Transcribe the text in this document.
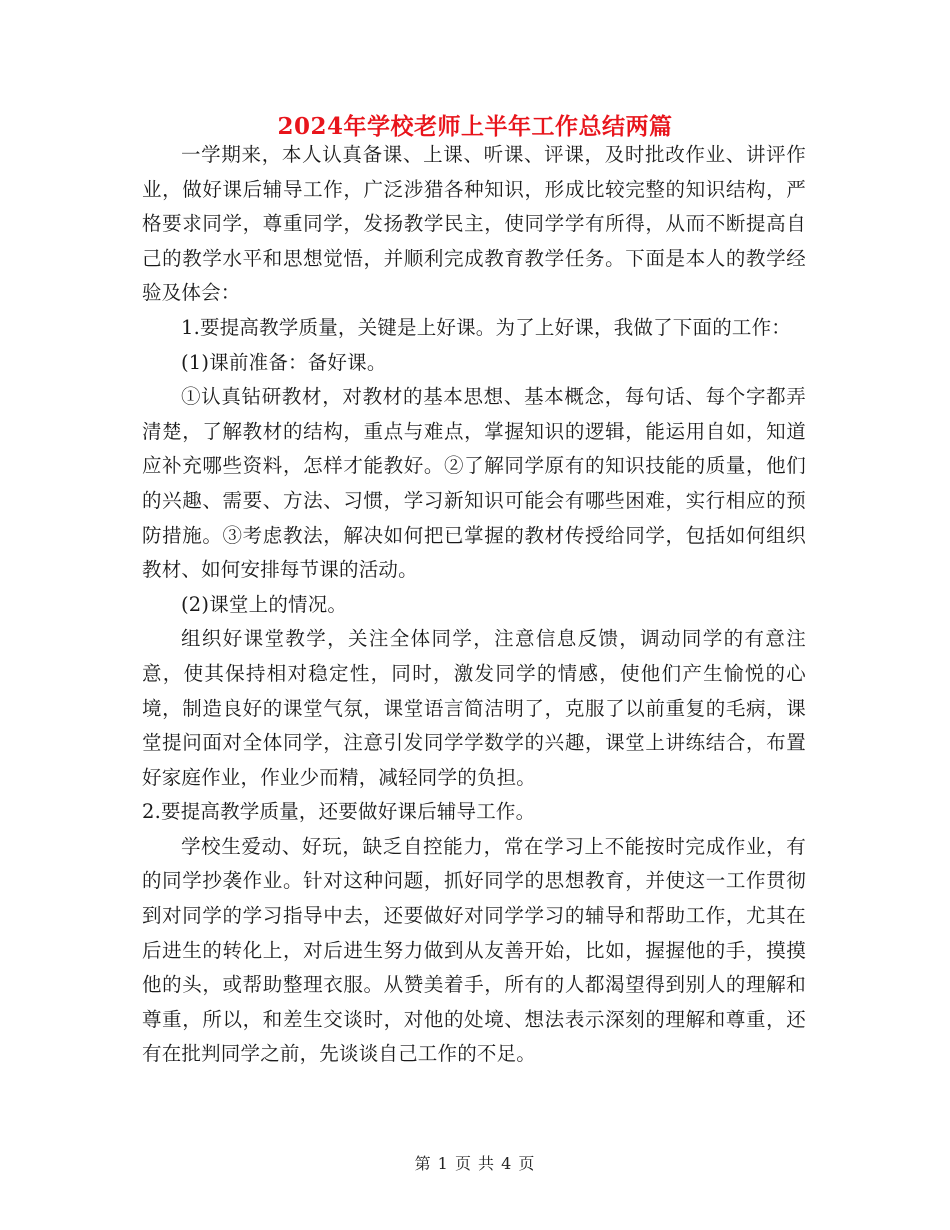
2024年学校老师上半年工作总结两篇

一学期来，本人认真备课、上课、听课、评课，及时批改作业、讲评作业，做好课后辅导工作，广泛涉猎各种知识，形成比较完整的知识结构，严格要求同学，尊重同学，发扬教学民主，使同学学有所得，从而不断提高自己的教学水平和思想觉悟，并顺利完成教育教学任务。下面是本人的教学经验及体会：

1.要提高教学质量，关键是上好课。为了上好课，我做了下面的工作：

(1)课前准备：备好课。

①认真钻研教材，对教材的基本思想、基本概念，每句话、每个字都弄清楚，了解教材的结构，重点与难点，掌握知识的逻辑，能运用自如，知道应补充哪些资料，怎样才能教好。②了解同学原有的知识技能的质量，他们的兴趣、需要、方法、习惯，学习新知识可能会有哪些困难，实行相应的预防措施。③考虑教法，解决如何把已掌握的教材传授给同学，包括如何组织教材、如何安排每节课的活动。

(2)课堂上的情况。

组织好课堂教学，关注全体同学，注意信息反馈，调动同学的有意注意，使其保持相对稳定性，同时，激发同学的情感，使他们产生愉悦的心境，制造良好的课堂气氛，课堂语言简洁明了，克服了以前重复的毛病，课堂提问面对全体同学，注意引发同学学数学的兴趣，课堂上讲练结合，布置好家庭作业，作业少而精，减轻同学的负担。

2.要提高教学质量，还要做好课后辅导工作。

学校生爱动、好玩，缺乏自控能力，常在学习上不能按时完成作业，有的同学抄袭作业。针对这种问题，抓好同学的思想教育，并使这一工作贯彻到对同学的学习指导中去，还要做好对同学学习的辅导和帮助工作，尤其在后进生的转化上，对后进生努力做到从友善开始，比如，握握他的手，摸摸他的头，或帮助整理衣服。从赞美着手，所有的人都渴望得到别人的理解和尊重，所以，和差生交谈时，对他的处境、想法表示深刻的理解和尊重，还有在批判同学之前，先谈谈自己工作的不足。

第 1 页 共 4 页
